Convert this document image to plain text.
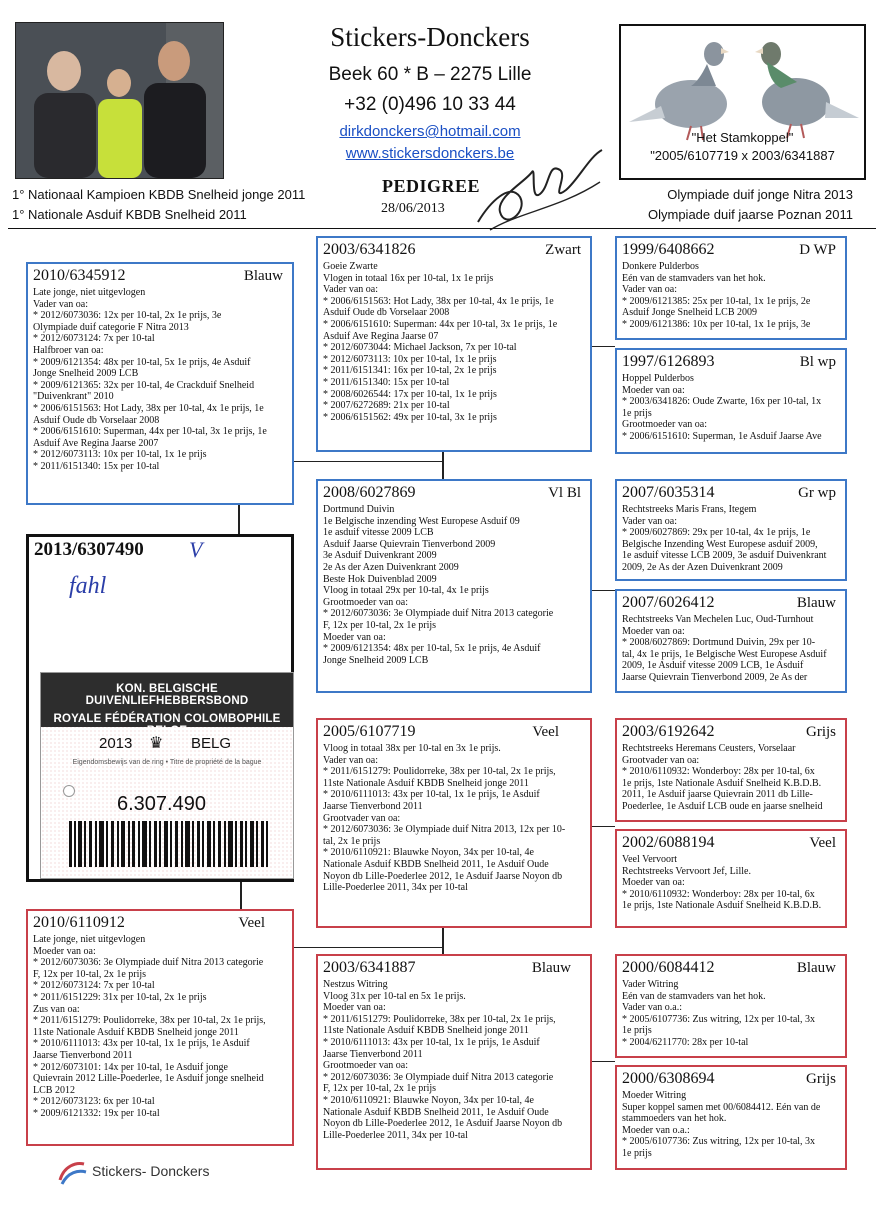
Stickers-Donckers
Beek 60 * B – 2275 Lille
+32 (0)496 10 33 44
dirkdonckers@hotmail.com
www.stickersdonckers.be
"Het Stamkoppel"
"2005/6107719 x 2003/6341887
1° Nationaal Kampioen KBDB Snelheid jonge 2011
1° Nationale Asduif KBDB Snelheid 2011
PEDIGREE
28/06/2013
Olympiade duif jonge Nitra 2013
Olympiade duif jaarse Poznan 2011
2010/6345912	Blauw
Late jonge, niet uitgevlogen
Vader van oa:
* 2012/6073036: 12x per 10-tal, 2x 1e prijs, 3e
Olympiade duif categorie F Nitra 2013
* 2012/6073124: 7x per 10-tal
Halfbroer van oa:
* 2009/6121354: 48x per 10-tal, 5x 1e prijs, 4e Asduif
Jonge Snelheid 2009 LCB
* 2009/6121365: 32x per 10-tal, 4e Crackduif Snelheid
"Duivenkrant" 2010
* 2006/6151563: Hot Lady, 38x per 10-tal, 4x 1e prijs, 1e
Asduif Oude db Vorselaar 2008
* 2006/6151610: Superman, 44x per 10-tal, 3x 1e prijs, 1e
Asduif Ave Regina Jaarse 2007
* 2012/6073113: 10x per 10-tal, 1x 1e prijs
* 2011/6151340: 15x per 10-tal
2013/6307490 V
fahl
KON. BELGISCHE DUIVENLIEFHEBBERSBOND
ROYALE FÉDÉRATION COLOMBOPHILE BELGE
2013 ♛ BELG
Eigendomsbewijs van de ring • Titre de propriété de la bague
6.307.490
2010/6110912	Veel
Late jonge, niet uitgevlogen
Moeder van oa:
* 2012/6073036: 3e Olympiade duif Nitra 2013 categorie
F, 12x per 10-tal, 2x 1e prijs
* 2012/6073124: 7x per 10-tal
* 2011/6151229: 31x per 10-tal, 2x 1e prijs
Zus van oa:
* 2011/6151279: Poulidorreke, 38x per 10-tal, 2x 1e prijs,
11ste Nationale Asduif KBDB Snelheid jonge 2011
* 2010/6111013: 43x per 10-tal, 1x 1e prijs, 1e Asduif
Jaarse Tienverbond 2011
* 2012/6073101: 14x per 10-tal, 1e Asduif jonge
Quievrain 2012 Lille-Poederlee, 1e Asduif jonge snelheid
LCB 2012
* 2012/6073123: 6x per 10-tal
* 2009/6121332: 19x per 10-tal
2003/6341826	Zwart
Goeie Zwarte
Vlogen in totaal 16x per 10-tal, 1x 1e prijs
Vader van oa:
* 2006/6151563: Hot Lady, 38x per 10-tal, 4x 1e prijs, 1e
Asduif Oude db Vorselaar 2008
* 2006/6151610: Superman: 44x per 10-tal, 3x 1e prijs, 1e
Asduif Ave Regina Jaarse 07
* 2012/6073044: Michael Jackson, 7x per 10-tal
* 2012/6073113: 10x per 10-tal, 1x 1e prijs
* 2011/6151341: 16x per 10-tal, 2x 1e prijs
* 2011/6151340: 15x per 10-tal
* 2008/6026544: 17x per 10-tal, 1x 1e prijs
* 2007/6272689: 21x per 10-tal
* 2006/6151562: 49x per 10-tal, 3x 1e prijs
2008/6027869	Vl Bl
Dortmund Duivin
1e Belgische inzending West Europese Asduif 09
1e asduif vitesse 2009 LCB
Asduif Jaarse Quievrain Tienverbond 2009
3e Asduif Duivenkrant 2009
2e As der Azen Duivenkrant 2009
Beste Hok Duivenblad 2009
Vloog in totaal 29x per 10-tal, 4x 1e prijs
Grootmoeder van oa:
* 2012/6073036: 3e Olympiade duif Nitra 2013 categorie
F, 12x per 10-tal, 2x 1e prijs
Moeder van oa:
* 2009/6121354: 48x per 10-tal, 5x 1e prijs, 4e Asduif
Jonge Snelheid 2009 LCB
2005/6107719	Veel
Vloog in totaal 38x per 10-tal en 3x 1e prijs.
Vader van oa:
* 2011/6151279: Poulidorreke, 38x per 10-tal, 2x 1e prijs,
11ste Nationale Asduif KBDB Snelheid jonge 2011
* 2010/6111013: 43x per 10-tal, 1x 1e prijs, 1e Asduif
Jaarse Tienverbond 2011
Grootvader van oa:
* 2012/6073036: 3e Olympiade duif Nitra 2013, 12x per 10-
tal, 2x 1e prijs
* 2010/6110921: Blauwke Noyon, 34x per 10-tal, 4e
Nationale Asduif KBDB Snelheid 2011, 1e Asduif Oude
Noyon db Lille-Poederlee 2012, 1e Asduif Jaarse Noyon db
Lille-Poederlee 2011, 34x per 10-tal
2003/6341887	Blauw
Nestzus Witring
Vloog 31x per 10-tal en 5x 1e prijs.
Moeder van oa:
* 2011/6151279: Poulidorreke, 38x per 10-tal, 2x 1e prijs,
11ste Nationale Asduif KBDB Snelheid jonge 2011
* 2010/6111013: 43x per 10-tal, 1x 1e prijs, 1e Asduif
Jaarse Tienverbond 2011
Grootmoeder van oa:
* 2012/6073036: 3e Olympiade duif Nitra 2013 categorie
F, 12x per 10-tal, 2x 1e prijs
* 2010/6110921: Blauwke Noyon, 34x per 10-tal, 4e
Nationale Asduif KBDB Snelheid 2011, 1e Asduif Oude
Noyon db Lille-Poederlee 2012, 1e Asduif Jaarse Noyon db
Lille-Poederlee 2011, 34x per 10-tal
1999/6408662	D WP
Donkere Pulderbos
Eén van de stamvaders van het hok.
Vader van oa:
* 2009/6121385: 25x per 10-tal, 1x 1e prijs, 2e
Asduif Jonge Snelheid LCB 2009
* 2009/6121386: 10x per 10-tal, 1x 1e prijs, 3e
1997/6126893	Bl wp
Hoppel Pulderbos
Moeder van oa:
* 2003/6341826: Oude Zwarte, 16x per 10-tal, 1x
1e prijs
Grootmoeder van oa:
* 2006/6151610: Superman, 1e Asduif Jaarse Ave
2007/6035314	Gr wp
Rechtstreeks Maris Frans, Itegem
Vader van oa:
* 2009/6027869: 29x per 10-tal, 4x 1e prijs, 1e
Belgische Inzending West Europese asduif 2009,
1e asduif vitesse LCB 2009, 3e asduif Duivenkrant
2009, 2e As der Azen Duivenkrant 2009
2007/6026412	Blauw
Rechtstreeks Van Mechelen Luc, Oud-Turnhout
Moeder van oa:
* 2008/6027869: Dortmund Duivin, 29x per 10-
tal, 4x 1e prijs, 1e Belgische West Europese Asduif
2009, 1e Asduif vitesse 2009 LCB, 1e Asduif
Jaarse Quievrain Tienverbond 2009, 2e As der
2003/6192642	Grijs
Rechtstreeks Heremans Ceusters, Vorselaar
Grootvader van oa:
* 2010/6110932: Wonderboy: 28x per 10-tal, 6x
1e prijs, 1ste Nationale Asduif Snelheid K.B.D.B.
2011, 1e Asduif jaarse Quievrain 2011 db Lille-
Poederlee, 1e Asduif LCB oude en jaarse snelheid
2002/6088194	Veel
Veel Vervoort
Rechtstreeks Vervoort Jef, Lille.
Moeder van oa:
* 2010/6110932: Wonderboy: 28x per 10-tal, 6x
1e prijs, 1ste Nationale Asduif Snelheid K.B.D.B.
2000/6084412	Blauw
Vader Witring
Eén van de stamvaders van het hok.
Vader van o.a.:
* 2005/6107736: Zus witring, 12x per 10-tal, 3x
1e prijs
* 2004/6211770: 28x per 10-tal
2000/6308694	Grijs
Moeder Witring
Super koppel samen met 00/6084412. Eén van de
stammoeders van het hok.
Moeder van o.a.:
* 2005/6107736: Zus witring, 12x per 10-tal, 3x
1e prijs
Stickers- Donckers
